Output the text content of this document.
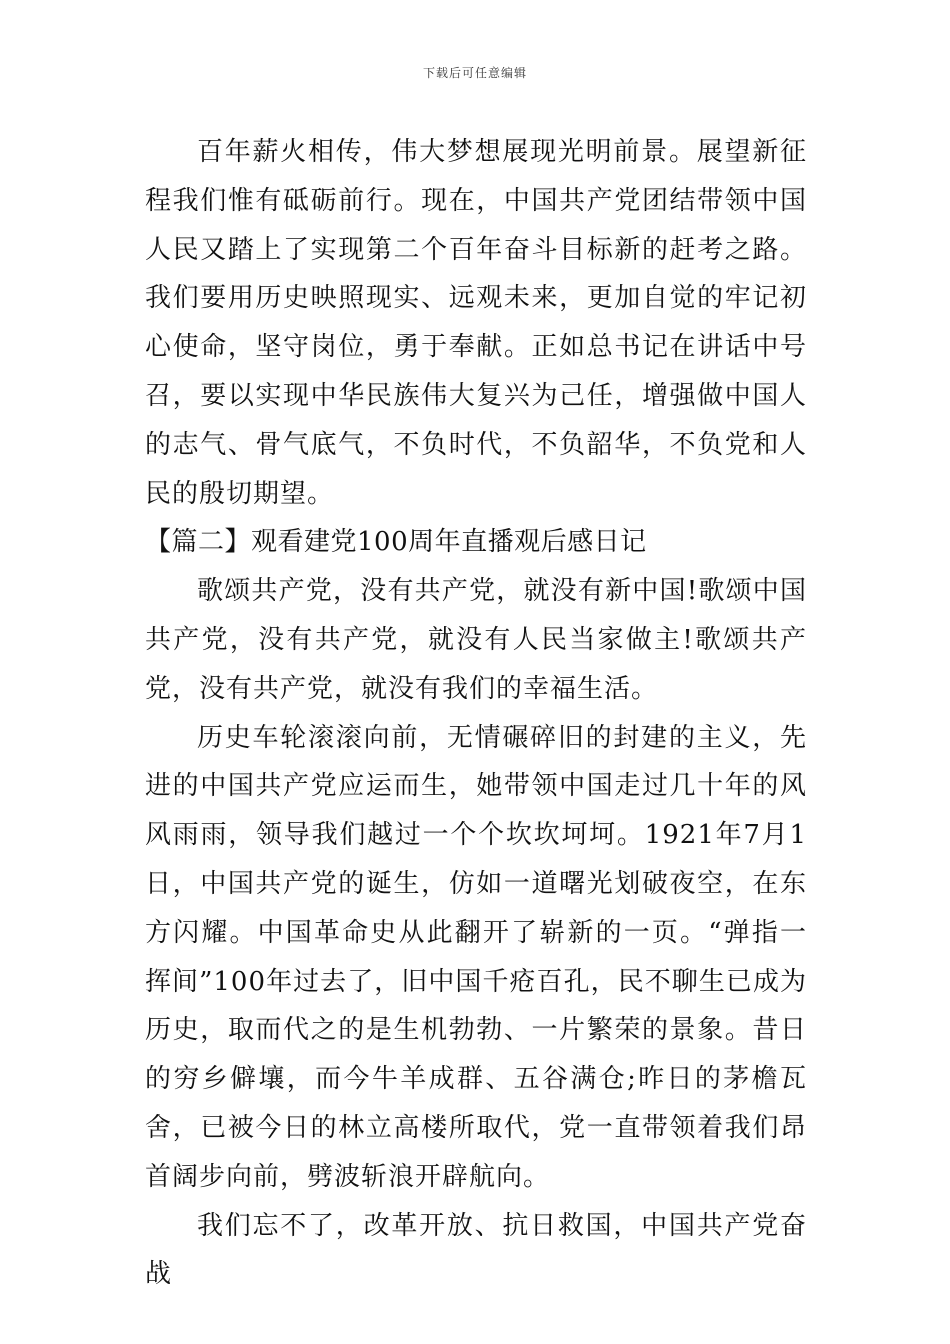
下载后可任意编辑

百年薪火相传，伟大梦想展现光明前景。展望新征程我们惟有砥砺前行。现在，中国共产党团结带领中国人民又踏上了实现第二个百年奋斗目标新的赶考之路。我们要用历史映照现实、远观未来，更加自觉的牢记初心使命，坚守岗位，勇于奉献。正如总书记在讲话中号召，要以实现中华民族伟大复兴为己任，增强做中国人的志气、骨气底气，不负时代，不负韶华，不负党和人民的殷切期望。

【篇二】观看建党100周年直播观后感日记

歌颂共产党，没有共产党，就没有新中国!歌颂中国共产党，没有共产党，就没有人民当家做主!歌颂共产党，没有共产党，就没有我们的幸福生活。

历史车轮滚滚向前，无情碾碎旧的封建的主义，先进的中国共产党应运而生，她带领中国走过几十年的风风雨雨，领导我们越过一个个坎坎坷坷。1921年7月1日，中国共产党的诞生，仿如一道曙光划破夜空，在东方闪耀。中国革命史从此翻开了崭新的一页。“弹指一挥间”100年过去了，旧中国千疮百孔，民不聊生已成为历史，取而代之的是生机勃勃、一片繁荣的景象。昔日的穷乡僻壤，而今牛羊成群、五谷满仓;昨日的茅檐瓦舍，已被今日的林立高楼所取代，党一直带领着我们昂首阔步向前，劈波斩浪开辟航向。

我们忘不了，改革开放、抗日救国，中国共产党奋战
